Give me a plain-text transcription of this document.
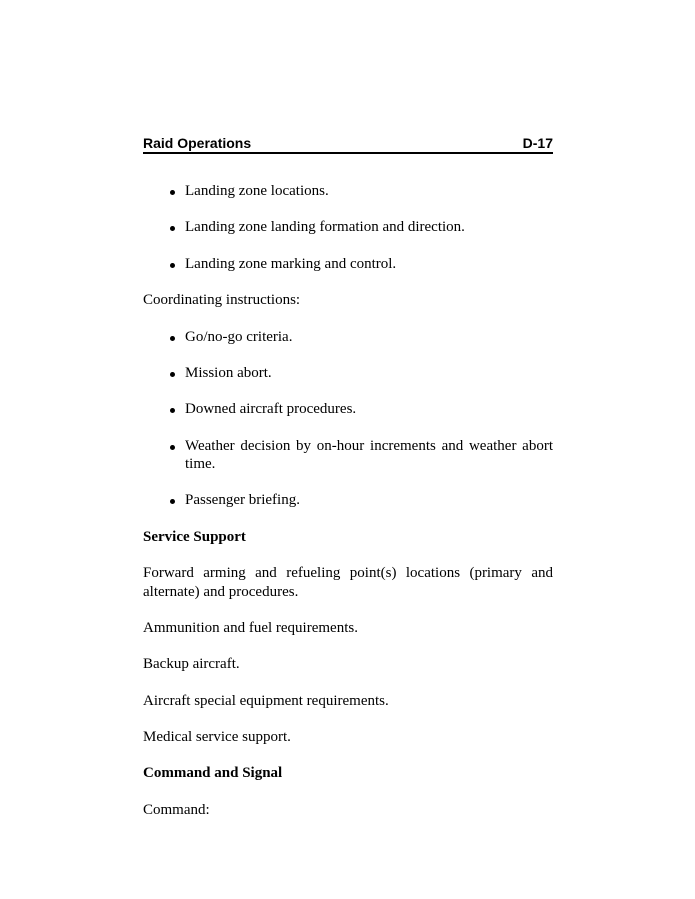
Raid Operations	D-17
Landing zone locations.
Landing zone landing formation and direction.
Landing zone marking and control.

Coordinating instructions:

Go/no-go criteria.
Mission abort.
Downed aircraft procedures.
Weather decision by on-hour increments and weather abort time.
Passenger briefing.
Service Support

Forward arming and refueling point(s) locations (primary and alternate) and procedures.

Ammunition and fuel requirements.

Backup aircraft.

Aircraft special equipment requirements.

Medical service support.

Command and Signal

Command:
